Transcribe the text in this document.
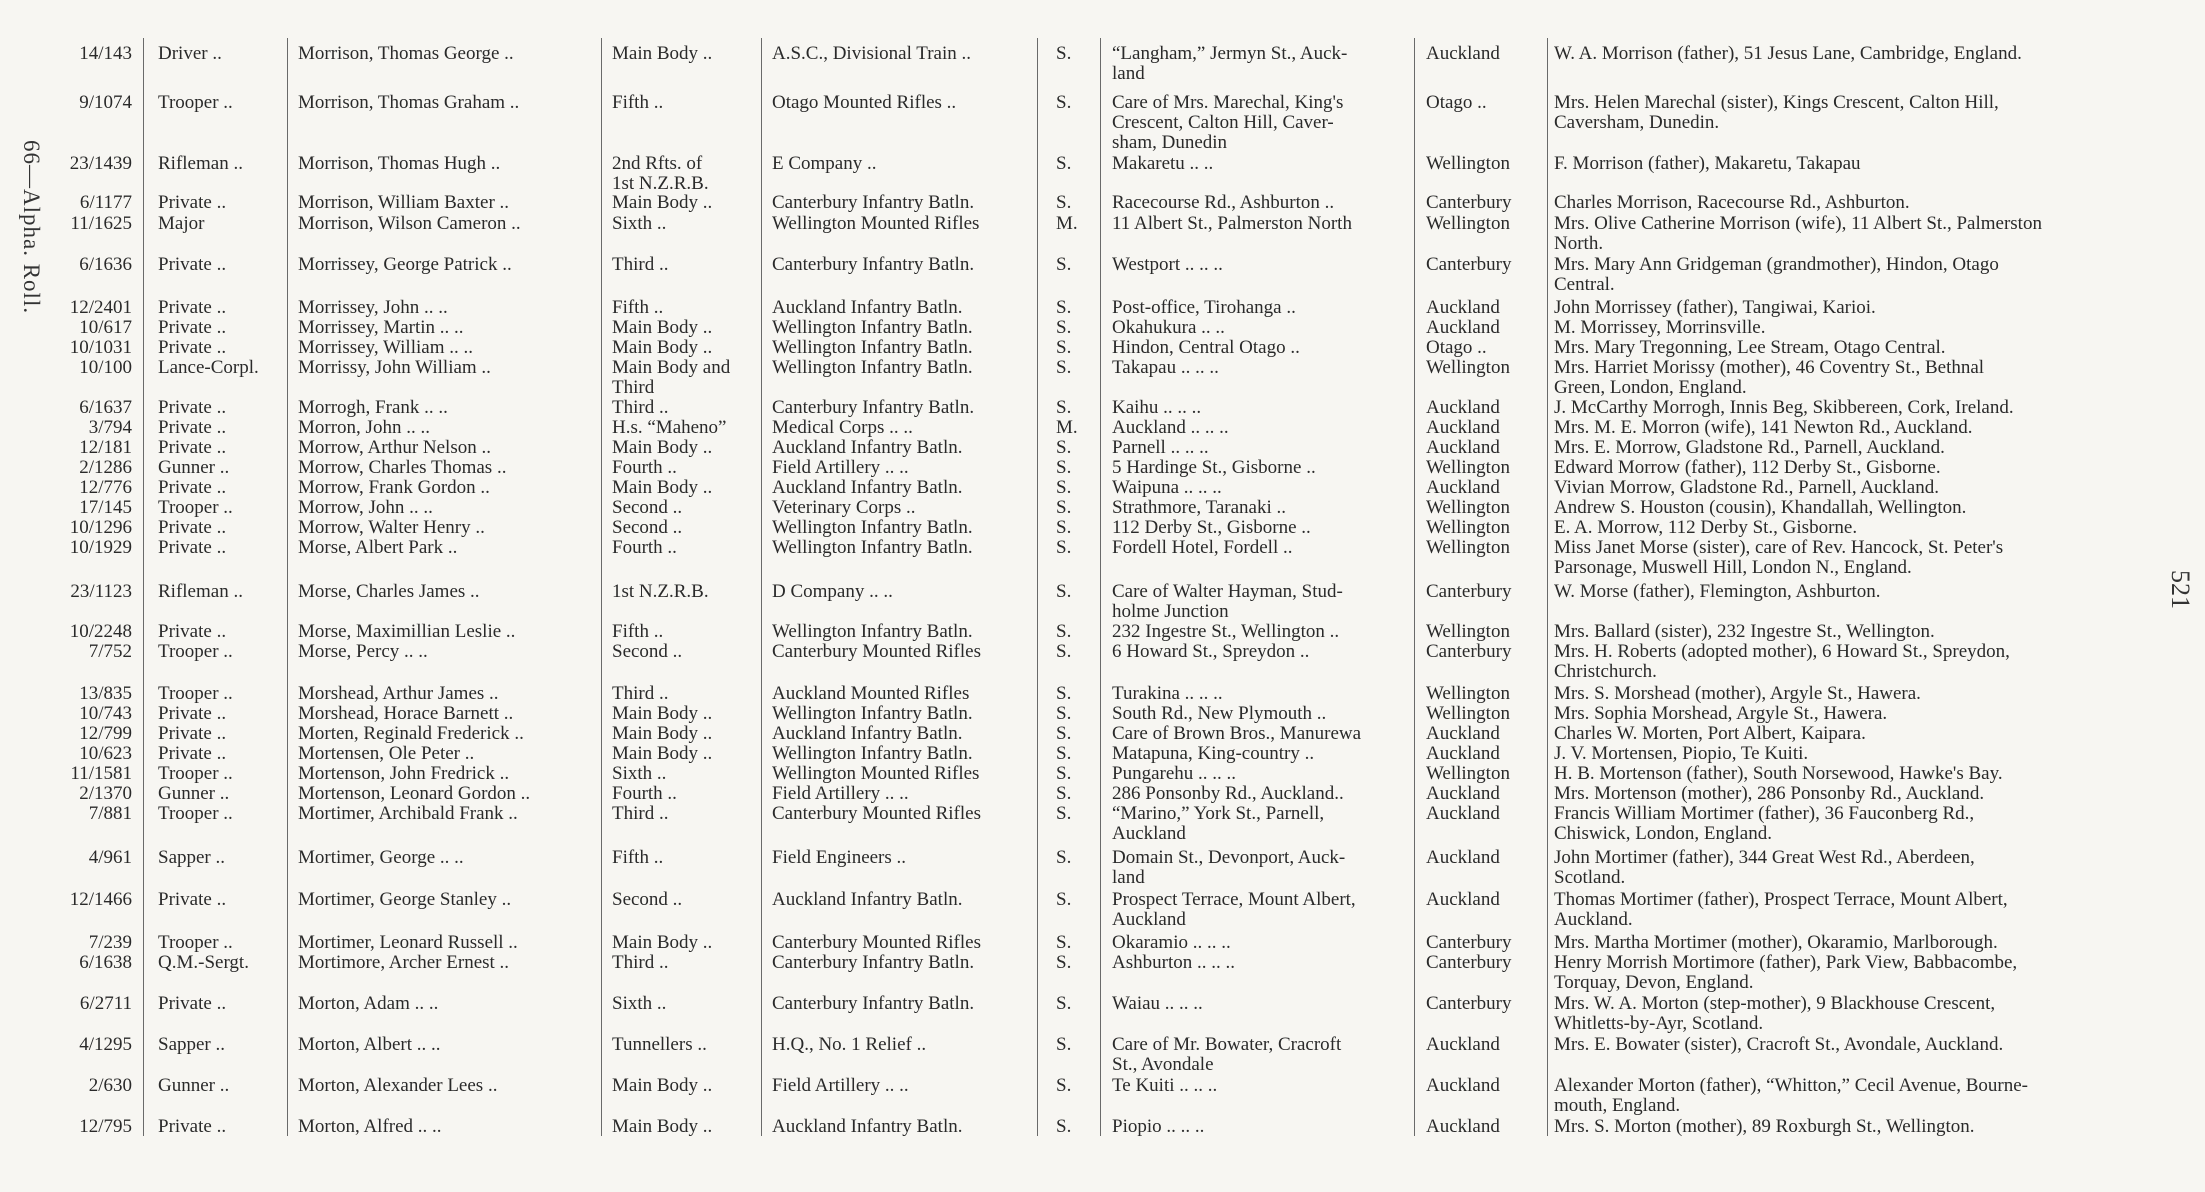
66—Alpha. Roll.
521
14/143 Driver ..	Morrison, Thomas George ..	Main Body ..	A.S.C., Divisional Train ..	S.	“Langham,” Jermyn St., Auck-
land
Auckland	W. A. Morrison (father), 51 Jesus Lane, Cambridge, England.
9/1074 Trooper ..	Morrison, Thomas Graham ..	Fifth ..	Otago Mounted Rifles ..	S.	Care of Mrs. Marechal, King's
Crescent, Calton Hill, Caver-
sham, Dunedin
Otago ..	Mrs. Helen Marechal (sister), Kings Crescent, Calton Hill,
Caversham, Dunedin.
23/1439 Rifleman ..	Morrison, Thomas Hugh ..	2nd Rfts. of
1st N.Z.R.B.
E Company ..	S.	Makaretu .. ..	Wellington	F. Morrison (father), Makaretu, Takapau
6/1177 Private ..	Morrison, William Baxter ..	Main Body ..	Canterbury Infantry Batln.	S.	Racecourse Rd., Ashburton ..	Canterbury	Charles Morrison, Racecourse Rd., Ashburton.
11/1625 Major	Morrison, Wilson Cameron ..	Sixth ..	Wellington Mounted Rifles	M.	11 Albert St., Palmerston North	Wellington	Mrs. Olive Catherine Morrison (wife), 11 Albert St., Palmerston
North.
6/1636 Private ..	Morrissey, George Patrick ..	Third ..	Canterbury Infantry Batln.	S.	Westport .. .. ..	Canterbury	Mrs. Mary Ann Gridgeman (grandmother), Hindon, Otago
Central.
12/2401 Private ..	Morrissey, John .. ..	Fifth ..	Auckland Infantry Batln.	S.	Post-office, Tirohanga ..	Auckland	John Morrissey (father), Tangiwai, Karioi.
10/617 Private ..	Morrissey, Martin .. ..	Main Body ..	Wellington Infantry Batln.	S.	Okahukura .. ..	Auckland	M. Morrissey, Morrinsville.
10/1031 Private ..	Morrissey, William .. ..	Main Body ..	Wellington Infantry Batln.	S.	Hindon, Central Otago ..	Otago ..	Mrs. Mary Tregonning, Lee Stream, Otago Central.
10/100 Lance-Corpl.	Morrissy, John William ..	Main Body and
Third
Wellington Infantry Batln.	S.	Takapau .. .. ..	Wellington	Mrs. Harriet Morissy (mother), 46 Coventry St., Bethnal
Green, London, England.
6/1637 Private ..	Morrogh, Frank .. ..	Third ..	Canterbury Infantry Batln.	S.	Kaihu .. .. ..	Auckland	J. McCarthy Morrogh, Innis Beg, Skibbereen, Cork, Ireland.
3/794 Private ..	Morron, John .. ..	H.s. “Maheno”	Medical Corps .. ..	M.	Auckland .. .. ..	Auckland	Mrs. M. E. Morron (wife), 141 Newton Rd., Auckland.
12/181 Private ..	Morrow, Arthur Nelson ..	Main Body ..	Auckland Infantry Batln.	S.	Parnell .. .. ..	Auckland	Mrs. E. Morrow, Gladstone Rd., Parnell, Auckland.
2/1286 Gunner ..	Morrow, Charles Thomas ..	Fourth ..	Field Artillery .. ..	S.	5 Hardinge St., Gisborne ..	Wellington	Edward Morrow (father), 112 Derby St., Gisborne.
12/776 Private ..	Morrow, Frank Gordon ..	Main Body ..	Auckland Infantry Batln.	S.	Waipuna .. .. ..	Auckland	Vivian Morrow, Gladstone Rd., Parnell, Auckland.
17/145 Trooper ..	Morrow, John .. ..	Second ..	Veterinary Corps ..	S.	Strathmore, Taranaki ..	Wellington	Andrew S. Houston (cousin), Khandallah, Wellington.
10/1296 Private ..	Morrow, Walter Henry ..	Second ..	Wellington Infantry Batln.	S.	112 Derby St., Gisborne ..	Wellington	E. A. Morrow, 112 Derby St., Gisborne.
10/1929 Private ..	Morse, Albert Park ..	Fourth ..	Wellington Infantry Batln.	S.	Fordell Hotel, Fordell ..	Wellington	Miss Janet Morse (sister), care of Rev. Hancock, St. Peter's
Parsonage, Muswell Hill, London N., England.
23/1123 Rifleman ..	Morse, Charles James ..	1st N.Z.R.B.	D Company .. ..	S.	Care of Walter Hayman, Stud-
holme Junction
Canterbury	W. Morse (father), Flemington, Ashburton.
10/2248 Private ..	Morse, Maximillian Leslie ..	Fifth ..	Wellington Infantry Batln.	S.	232 Ingestre St., Wellington ..	Wellington	Mrs. Ballard (sister), 232 Ingestre St., Wellington.
7/752 Trooper ..	Morse, Percy .. ..	Second ..	Canterbury Mounted Rifles	S.	6 Howard St., Spreydon ..	Canterbury	Mrs. H. Roberts (adopted mother), 6 Howard St., Spreydon,
Christchurch.
13/835 Trooper ..	Morshead, Arthur James ..	Third ..	Auckland Mounted Rifles	S.	Turakina .. .. ..	Wellington	Mrs. S. Morshead (mother), Argyle St., Hawera.
10/743 Private ..	Morshead, Horace Barnett ..	Main Body ..	Wellington Infantry Batln.	S.	South Rd., New Plymouth ..	Wellington	Mrs. Sophia Morshead, Argyle St., Hawera.
12/799 Private ..	Morten, Reginald Frederick ..	Main Body ..	Auckland Infantry Batln.	S.	Care of Brown Bros., Manurewa	Auckland	Charles W. Morten, Port Albert, Kaipara.
10/623 Private ..	Mortensen, Ole Peter ..	Main Body ..	Wellington Infantry Batln.	S.	Matapuna, King-country ..	Auckland	J. V. Mortensen, Piopio, Te Kuiti.
11/1581 Trooper ..	Mortenson, John Fredrick ..	Sixth ..	Wellington Mounted Rifles	S.	Pungarehu .. .. ..	Wellington	H. B. Mortenson (father), South Norsewood, Hawke's Bay.
2/1370 Gunner ..	Mortenson, Leonard Gordon ..	Fourth ..	Field Artillery .. ..	S.	286 Ponsonby Rd., Auckland..	Auckland	Mrs. Mortenson (mother), 286 Ponsonby Rd., Auckland.
7/881 Trooper ..	Mortimer, Archibald Frank ..	Third ..	Canterbury Mounted Rifles	S.	“Marino,” York St., Parnell,
Auckland
Auckland	Francis William Mortimer (father), 36 Fauconberg Rd.,
Chiswick, London, England.
4/961 Sapper ..	Mortimer, George .. ..	Fifth ..	Field Engineers ..	S.	Domain St., Devonport, Auck-
land
Auckland	John Mortimer (father), 344 Great West Rd., Aberdeen,
Scotland.
12/1466 Private ..	Mortimer, George Stanley ..	Second ..	Auckland Infantry Batln.	S.	Prospect Terrace, Mount Albert,
Auckland
Auckland	Thomas Mortimer (father), Prospect Terrace, Mount Albert,
Auckland.
7/239 Trooper ..	Mortimer, Leonard Russell ..	Main Body ..	Canterbury Mounted Rifles	S.	Okaramio .. .. ..	Canterbury	Mrs. Martha Mortimer (mother), Okaramio, Marlborough.
6/1638 Q.M.-Sergt.	Mortimore, Archer Ernest ..	Third ..	Canterbury Infantry Batln.	S.	Ashburton .. .. ..	Canterbury	Henry Morrish Mortimore (father), Park View, Babbacombe,
Torquay, Devon, England.
6/2711 Private ..	Morton, Adam .. ..	Sixth ..	Canterbury Infantry Batln.	S.	Waiau .. .. ..	Canterbury	Mrs. W. A. Morton (step-mother), 9 Blackhouse Crescent,
Whitletts-by-Ayr, Scotland.
4/1295 Sapper ..	Morton, Albert .. ..	Tunnellers ..	H.Q., No. 1 Relief ..	S.	Care of Mr. Bowater, Cracroft
St., Avondale
Auckland	Mrs. E. Bowater (sister), Cracroft St., Avondale, Auckland.
2/630 Gunner ..	Morton, Alexander Lees ..	Main Body ..	Field Artillery .. ..	S.	Te Kuiti .. .. ..	Auckland	Alexander Morton (father), “Whitton,” Cecil Avenue, Bourne-
mouth, England.
12/795 Private ..	Morton, Alfred .. ..	Main Body ..	Auckland Infantry Batln.	S.	Piopio .. .. ..	Auckland	Mrs. S. Morton (mother), 89 Roxburgh St., Wellington.
